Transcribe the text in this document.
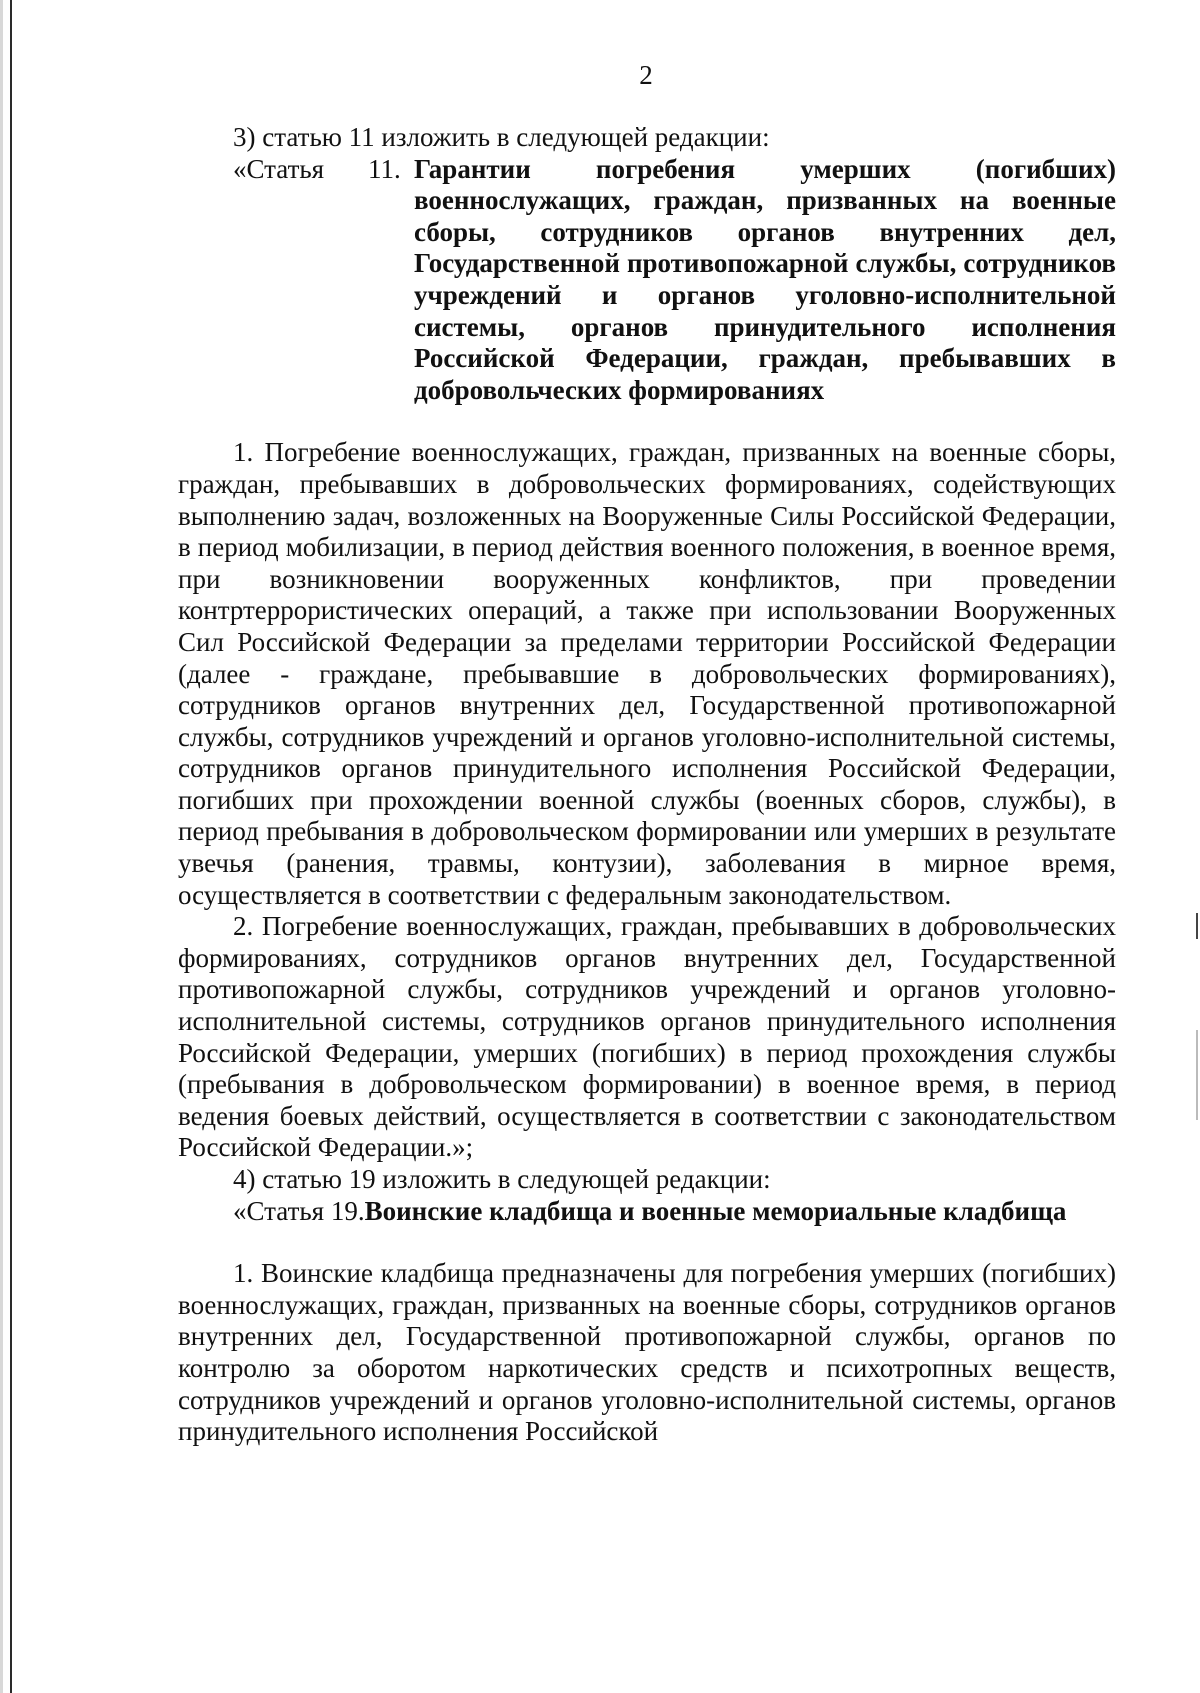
2

3) статью 11 изложить в следующей редакции:

«Статья 11. Гарантии погребения умерших (погибших) военнослужащих, граждан, призванных на военные сборы, сотрудников органов внутренних дел, Государственной противопожарной службы, сотрудников учреждений и органов уголовно-исполнительной системы, органов принудительного исполнения Российской Федерации, граждан, пребывавших в добровольческих формированиях

1. Погребение военнослужащих, граждан, призванных на военные сборы, граждан, пребывавших в добровольческих формированиях, содействующих выполнению задач, возложенных на Вооруженные Силы Российской Федерации, в период мобилизации, в период действия военного положения, в военное время, при возникновении вооруженных конфликтов, при проведении контртеррористических операций, а также при использовании Вооруженных Сил Российской Федерации за пределами территории Российской Федерации (далее - граждане, пребывавшие в добровольческих формированиях), сотрудников органов внутренних дел, Государственной противопожарной службы, сотрудников учреждений и органов уголовно-исполнительной системы, сотрудников органов принудительного исполнения Российской Федерации, погибших при прохождении военной службы (военных сборов, службы), в период пребывания в добровольческом формировании или умерших в результате увечья (ранения, травмы, контузии), заболевания в мирное время, осуществляется в соответствии с федеральным законодательством.

2. Погребение военнослужащих, граждан, пребывавших в добровольческих формированиях, сотрудников органов внутренних дел, Государственной противопожарной службы, сотрудников учреждений и органов уголовно-исполнительной системы, сотрудников органов принудительного исполнения Российской Федерации, умерших (погибших) в период прохождения службы (пребывания в добровольческом формировании) в военное время, в период ведения боевых действий, осуществляется в соответствии с законодательством Российской Федерации.»;

4) статью 19 изложить в следующей редакции:

«Статья 19.Воинские кладбища и военные мемориальные кладбища

1. Воинские кладбища предназначены для погребения умерших (погибших) военнослужащих, граждан, призванных на военные сборы, сотрудников органов внутренних дел, Государственной противопожарной службы, органов по контролю за оборотом наркотических средств и психотропных веществ, сотрудников учреждений и органов уголовно-исполнительной системы, органов принудительного исполнения Российской
